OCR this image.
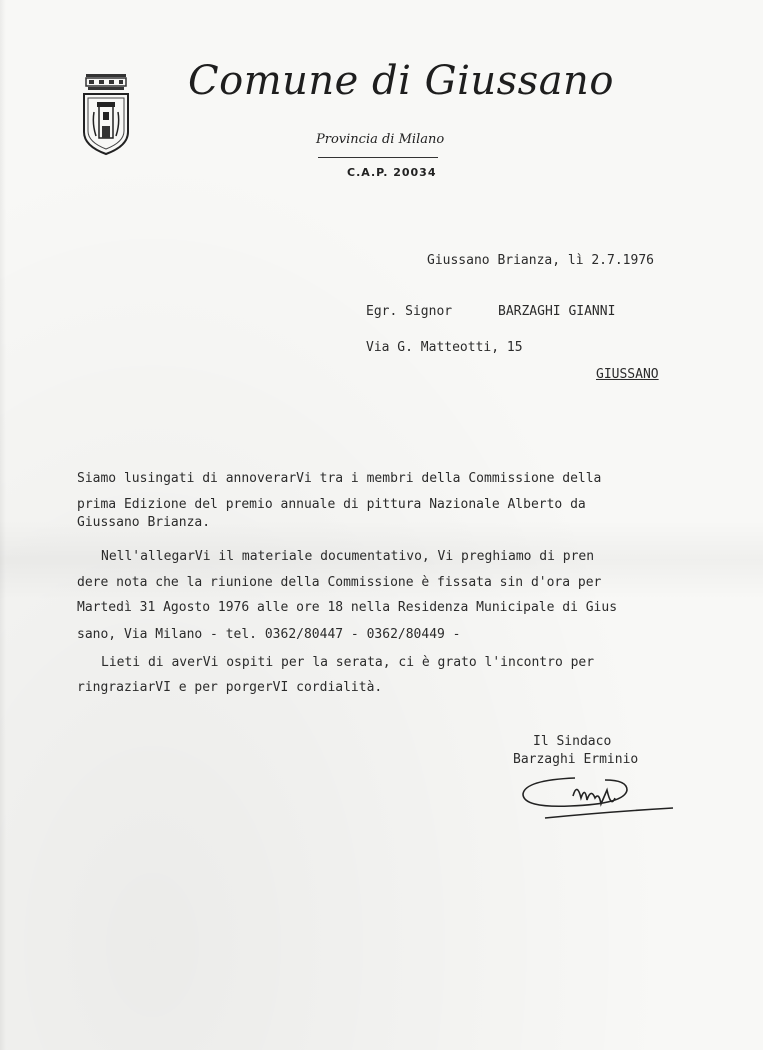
Comune di Giussano
Provincia di Milano
C.A.P. 20034
Giussano Brianza, lì 2.7.1976
Egr. Signor	BARZAGHI GIANNI
Via G. Matteotti, 15
GIUSSANO
Siamo lusingati di annoverarVi tra i membri della Commissione della
prima Edizione del premio annuale di pittura Nazionale Alberto da
Giussano Brianza.
Nell'allegarVi il materiale documentativo, Vi preghiamo di pren
dere nota che la riunione della Commissione è fissata sin d'ora per
Martedì 31 Agosto 1976 alle ore 18 nella Residenza Municipale di Gius
sano, Via Milano - tel. 0362/80447 - 0362/80449 -
Lieti di averVi ospiti per la serata, ci è grato l'incontro per
ringraziarVI e per porgerVI cordialità.
Il Sindaco
Barzaghi Erminio
